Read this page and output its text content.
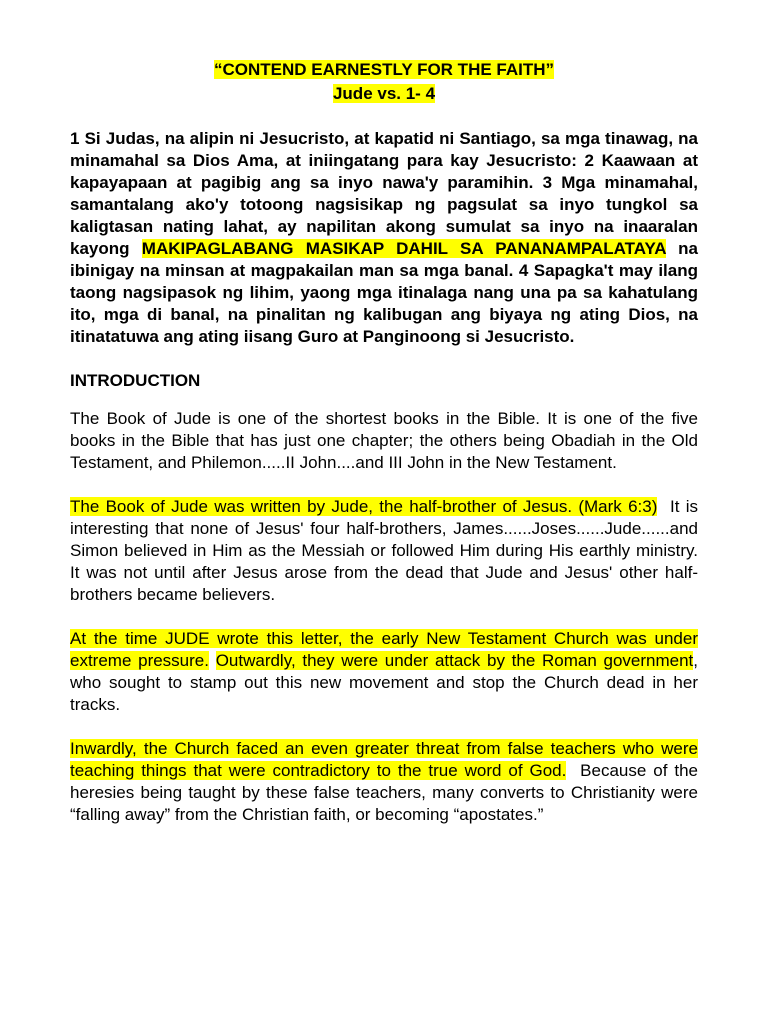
“CONTEND EARNESTLY FOR THE FAITH”
Jude vs. 1- 4
1 Si Judas, na alipin ni Jesucristo, at kapatid ni Santiago, sa mga tinawag, na minamahal sa Dios Ama, at iniingatang para kay Jesucristo: 2 Kaawaan at kapayapaan at pagibig ang sa inyo nawa'y paramihin. 3 Mga minamahal, samantalang ako'y totoong nagsisikap ng pagsulat sa inyo tungkol sa kaligtasan nating lahat, ay napilitan akong sumulat sa inyo na inaaralan kayong MAKIPAGLABANG MASIKAP DAHIL SA PANANAMPALATAYA na ibinigay na minsan at magpakailan man sa mga banal. 4 Sapagka't may ilang taong nagsipasok ng lihim, yaong mga itinalaga nang una pa sa kahatulang ito, mga di banal, na pinalitan ng kalibugan ang biyaya ng ating Dios, na itinatatuwa ang ating iisang Guro at Panginoong si Jesucristo.
INTRODUCTION
The Book of Jude is one of the shortest books in the Bible. It is one of the five books in the Bible that has just one chapter; the others being Obadiah in the Old Testament, and Philemon.....II John....and III John in the New Testament.
The Book of Jude was written by Jude, the half-brother of Jesus. (Mark 6:3)  It is interesting that none of Jesus' four half-brothers, James......Joses......Jude......and Simon believed in Him as the Messiah or followed Him during His earthly ministry.  It was not until after Jesus arose from the dead that Jude and Jesus' other half-brothers became believers.
At the time JUDE wrote this letter, the early New Testament Church was under extreme pressure. Outwardly, they were under attack by the Roman government, who sought to stamp out this new movement and stop the Church dead in her tracks.
Inwardly, the Church faced an even greater threat from false teachers who were teaching things that were contradictory to the true word of God.  Because of the heresies being taught by these false teachers, many converts to Christianity were “falling away” from the Christian faith, or becoming “apostates.”
